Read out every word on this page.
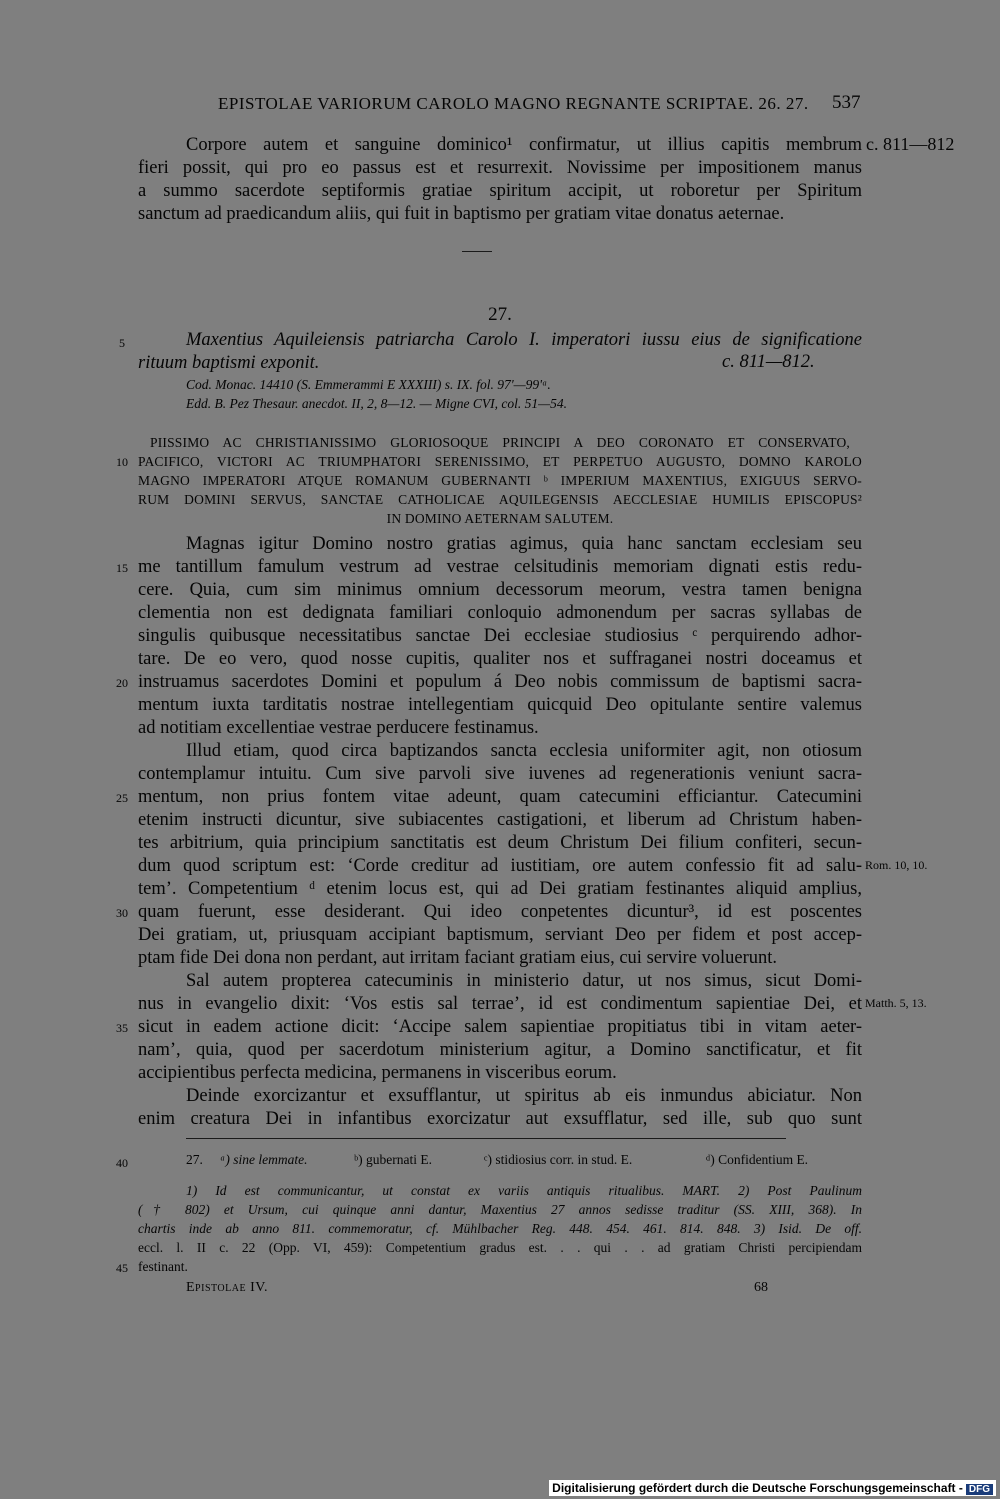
EPISTOLAE VARIORUM CAROLO MAGNO REGNANTE SCRIPTAE. 26. 27. 537
Corpore autem et sanguine dominico¹ confirmatur, ut illius capitis membrum c. 811—812
fieri possit, qui pro eo passus est et resurrexit. Novissime per impositionem manus
a summo sacerdote septiformis gratiae spiritum accipit, ut roboretur per Spiritum
sanctum ad praedicandum aliis, qui fuit in baptismo per gratiam vitae donatus aeternae.
27.
5	Maxentius Aquileiensis patriarcha Carolo I. imperatori iussu eius de significatione
rituum baptismi exponit.	c. 811—812.
Cod. Monac. 14410 (S. Emmerammi E XXXIII) s. IX. fol. 97'—99'ᵃ.
Edd. B. Pez Thesaur. anecdot. II, 2, 8—12. — Migne CVI, col. 51—54.
PIISSIMO AC CHRISTIANISSIMO GLORIOSOQUE PRINCIPI A DEO CORONATO ET CONSERVATO,
10 PACIFICO, VICTORI AC TRIUMPHATORI SERENISSIMO, ET PERPETUO AUGUSTO, DOMNO KAROLO
MAGNO IMPERATORI ATQUE ROMANUM GUBERNANTI ᵇ IMPERIUM MAXENTIUS, EXIGUUS SERVO-
RUM DOMINI SERVUS, SANCTAE CATHOLICAE AQUILEGENSIS AECCLESIAE HUMILIS EPISCOPUS²
IN DOMINO AETERNAM SALUTEM.
Magnas igitur Domino nostro gratias agimus, quia hanc sanctam ecclesiam seu
15 me tantillum famulum vestrum ad vestrae celsitudinis memoriam dignati estis redu-
cere. Quia, cum sim minimus omnium decessorum meorum, vestra tamen benigna
clementia non est dedignata familiari conloquio admonendum per sacras syllabas de
singulis quibusque necessitatibus sanctae Dei ecclesiae studiosius ᶜ perquirendo adhor-
tare. De eo vero, quod nosse cupitis, qualiter nos et suffraganei nostri doceamus et
20 instruamus sacerdotes Domini et populum á Deo nobis commissum de baptismi sacra-
mentum iuxta tarditatis nostrae intellegentiam quicquid Deo opitulante sentire valemus
ad notitiam excellentiae vestrae perducere festinamus.
Illud etiam, quod circa baptizandos sancta ecclesia uniformiter agit, non otiosum
contemplamur intuitu. Cum sive parvoli sive iuvenes ad regenerationis veniunt sacra-
25 mentum, non prius fontem vitae adeunt, quam catecumini efficiantur. Catecumini
etenim instructi dicuntur, sive subiacentes castigationi, et liberum ad Christum haben-
tes arbitrium, quia principium sanctitatis est deum Christum Dei filium confiteri, secun-
dum quod scriptum est: ‘Corde creditur ad iustitiam, ore autem confessio fit ad salu- Rom. 10, 10.
tem’. Competentium ᵈ etenim locus est, qui ad Dei gratiam festinantes aliquid amplius,
30 quam fuerunt, esse desiderant. Qui ideo conpetentes dicuntur³, id est poscentes
Dei gratiam, ut, priusquam accipiant baptismum, serviant Deo per fidem et post accep-
ptam fide Dei dona non perdant, aut irritam faciant gratiam eius, cui servire voluerunt.
Sal autem propterea catecuminis in ministerio datur, ut nos simus, sicut Domi-
nus in evangelio dixit: ‘Vos estis sal terrae’, id est condimentum sapientiae Dei, et Matth. 5, 13.
35 sicut in eadem actione dicit: ‘Accipe salem sapientiae propitiatus tibi in vitam aeter-
nam’, quia, quod per sacerdotum ministerium agitur, a Domino sanctificatur, et fit
accipientibus perfecta medicina, permanens in visceribus eorum.
Deinde exorcizantur et exsufflantur, ut spiritus ab eis inmundus abiciatur. Non
enim creatura Dei in infantibus exorcizatur aut exsufflatur, sed ille, sub quo sunt
40	27. ᵃ) sine lemmate.	ᵇ) gubernati E.	ᶜ) stidiosius corr. in stud. E.	ᵈ) Confidentium E.
1) Id est communicantur, ut constat ex variis antiquis ritualibus. MART. 2) Post Paulinum
(† 802) et Ursum, cui quinque anni dantur, Maxentius 27 annos sedisse traditur (SS. XIII, 368). In
chartis inde ab anno 811. commemoratur, cf. Mühlbacher Reg. 448. 454. 461. 814. 848. 3) Isid. De off.
eccl. l. II c. 22 (Opp. VI, 459): Competentium gradus est. . . qui . . ad gratiam Christi percipiendam
45 festinant.
Epistolae IV.	68
Digitalisierung gefördert durch die Deutsche Forschungsgemeinschaft - DFG
